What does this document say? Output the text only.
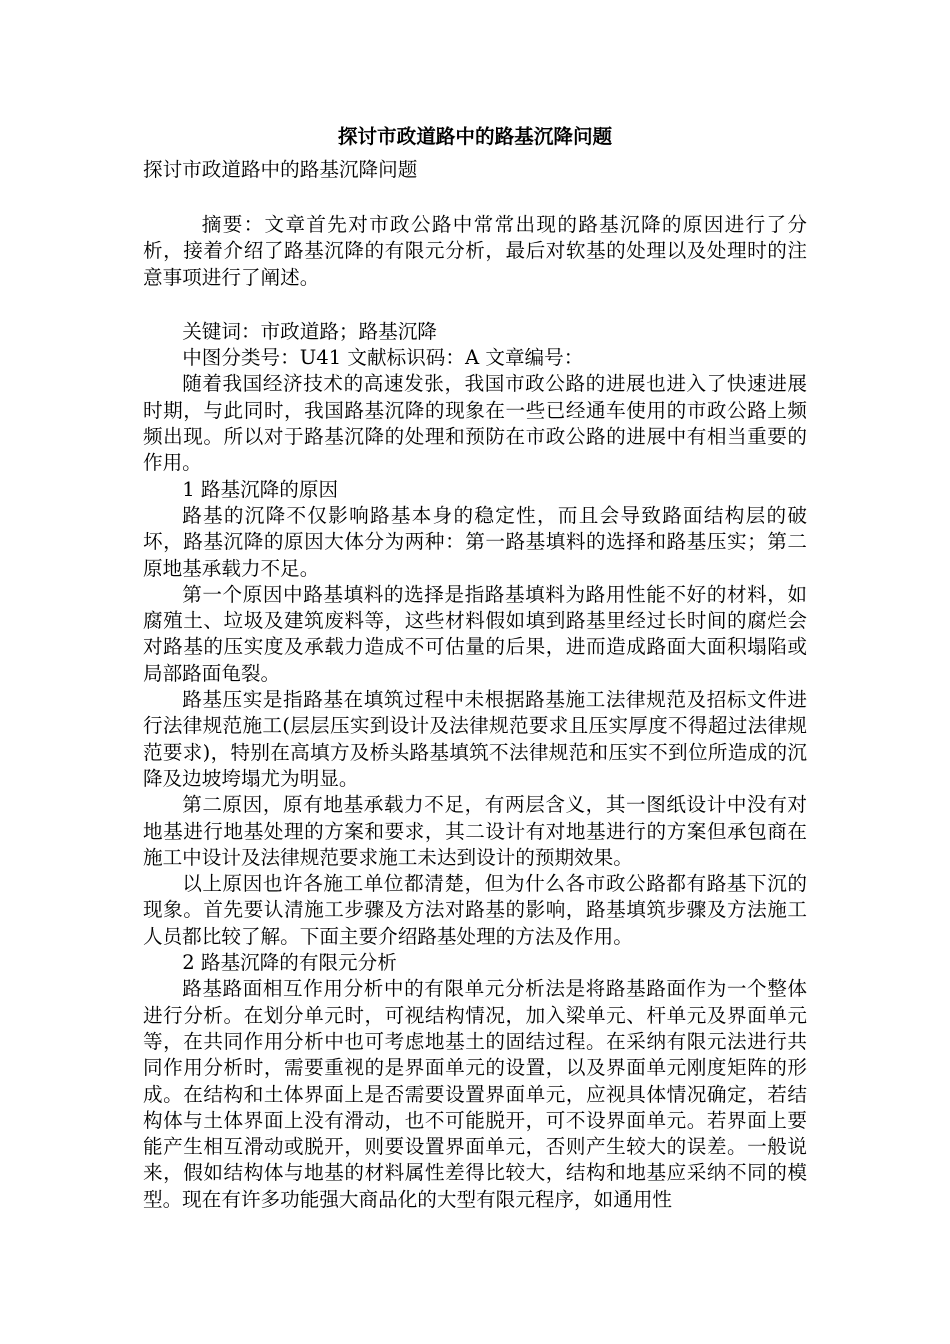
探讨市政道路中的路基沉降问题

探讨市政道路中的路基沉降问题

摘要：文章首先对市政公路中常常出现的路基沉降的原因进行了分析，接着介绍了路基沉降的有限元分析，最后对软基的处理以及处理时的注意事项进行了阐述。

关键词：市政道路；路基沉降

中图分类号：U41 文献标识码：A 文章编号：

随着我国经济技术的高速发张，我国市政公路的进展也进入了快速进展时期，与此同时，我国路基沉降的现象在一些已经通车使用的市政公路上频频出现。所以对于路基沉降的处理和预防在市政公路的进展中有相当重要的作用。

1 路基沉降的原因

路基的沉降不仅影响路基本身的稳定性，而且会导致路面结构层的破坏，路基沉降的原因大体分为两种：第一路基填料的选择和路基压实；第二原地基承载力不足。

第一个原因中路基填料的选择是指路基填料为路用性能不好的材料，如腐殖土、垃圾及建筑废料等，这些材料假如填到路基里经过长时间的腐烂会对路基的压实度及承载力造成不可估量的后果，进而造成路面大面积塌陷或局部路面龟裂。

路基压实是指路基在填筑过程中未根据路基施工法律规范及招标文件进行法律规范施工(层层压实到设计及法律规范要求且压实厚度不得超过法律规范要求)，特别在高填方及桥头路基填筑不法律规范和压实不到位所造成的沉降及边坡垮塌尤为明显。

第二原因，原有地基承载力不足，有两层含义，其一图纸设计中没有对地基进行地基处理的方案和要求，其二设计有对地基进行的方案但承包商在施工中设计及法律规范要求施工未达到设计的预期效果。

以上原因也许各施工单位都清楚，但为什么各市政公路都有路基下沉的现象。首先要认清施工步骤及方法对路基的影响，路基填筑步骤及方法施工人员都比较了解。下面主要介绍路基处理的方法及作用。

2 路基沉降的有限元分析

路基路面相互作用分析中的有限单元分析法是将路基路面作为一个整体进行分析。在划分单元时，可视结构情况，加入梁单元、杆单元及界面单元等，在共同作用分析中也可考虑地基土的固结过程。在采纳有限元法进行共同作用分析时，需要重视的是界面单元的设置，以及界面单元刚度矩阵的形成。在结构和土体界面上是否需要设置界面单元，应视具体情况确定，若结构体与土体界面上没有滑动，也不可能脱开，可不设界面单元。若界面上要能产生相互滑动或脱开，则要设置界面单元，否则产生较大的误差。一般说来，假如结构体与地基的材料属性差得比较大，结构和地基应采纳不同的模型。现在有许多功能强大商品化的大型有限元程序，如通用性
